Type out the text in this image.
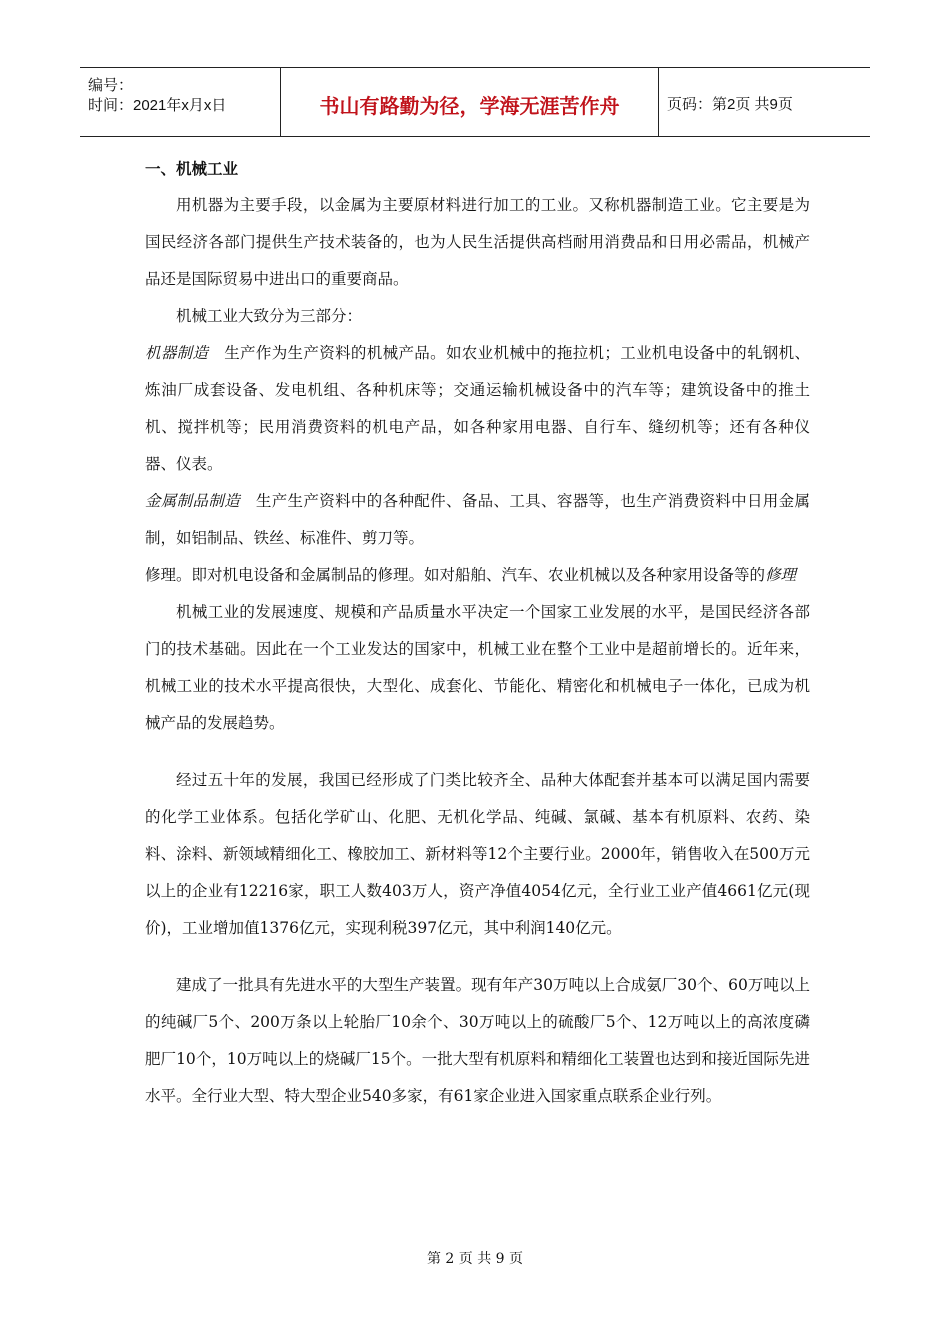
编号：
时间：2021年x月x日	书山有路勤为径，学海无涯苦作舟	页码：第2页 共9页

一、机械工业

用机器为主要手段，以金属为主要原材料进行加工的工业。又称机器制造工业。它主要是为国民经济各部门提供生产技术装备的，也为人民生活提供高档耐用消费品和日用必需品，机械产品还是国际贸易中进出口的重要商品。

机械工业大致分为三部分：

机器制造 生产作为生产资料的机械产品。如农业机械中的拖拉机；工业机电设备中的轧钢机、炼油厂成套设备、发电机组、各种机床等；交通运输机械设备中的汽车等；建筑设备中的推土机、搅拌机等；民用消费资料的机电产品，如各种家用电器、自行车、缝纫机等；还有各种仪器、仪表。

金属制品制造 生产生产资料中的各种配件、备品、工具、容器等，也生产消费资料中日用金属制，如铝制品、铁丝、标准件、剪刀等。

修理。即对机电设备和金属制品的修理。如对船舶、汽车、农业机械以及各种家用设备等的修理

机械工业的发展速度、规模和产品质量水平决定一个国家工业发展的水平，是国民经济各部门的技术基础。因此在一个工业发达的国家中，机械工业在整个工业中是超前增长的。近年来，机械工业的技术水平提高很快，大型化、成套化、节能化、精密化和机械电子一体化，已成为机械产品的发展趋势。

经过五十年的发展，我国已经形成了门类比较齐全、品种大体配套并基本可以满足国内需要的化学工业体系。包括化学矿山、化肥、无机化学品、纯碱、氯碱、基本有机原料、农药、染料、涂料、新领域精细化工、橡胶加工、新材料等12个主要行业。2000年，销售收入在500万元以上的企业有12216家，职工人数403万人，资产净值4054亿元，全行业工业产值4661亿元(现价)，工业增加值1376亿元，实现利税397亿元，其中利润140亿元。

建成了一批具有先进水平的大型生产装置。现有年产30万吨以上合成氨厂30个、60万吨以上的纯碱厂5个、200万条以上轮胎厂10余个、30万吨以上的硫酸厂5个、12万吨以上的高浓度磷肥厂10个，10万吨以上的烧碱厂15个。一批大型有机原料和精细化工装置也达到和接近国际先进水平。全行业大型、特大型企业540多家，有61家企业进入国家重点联系企业行列。

第 2 页 共 9 页
